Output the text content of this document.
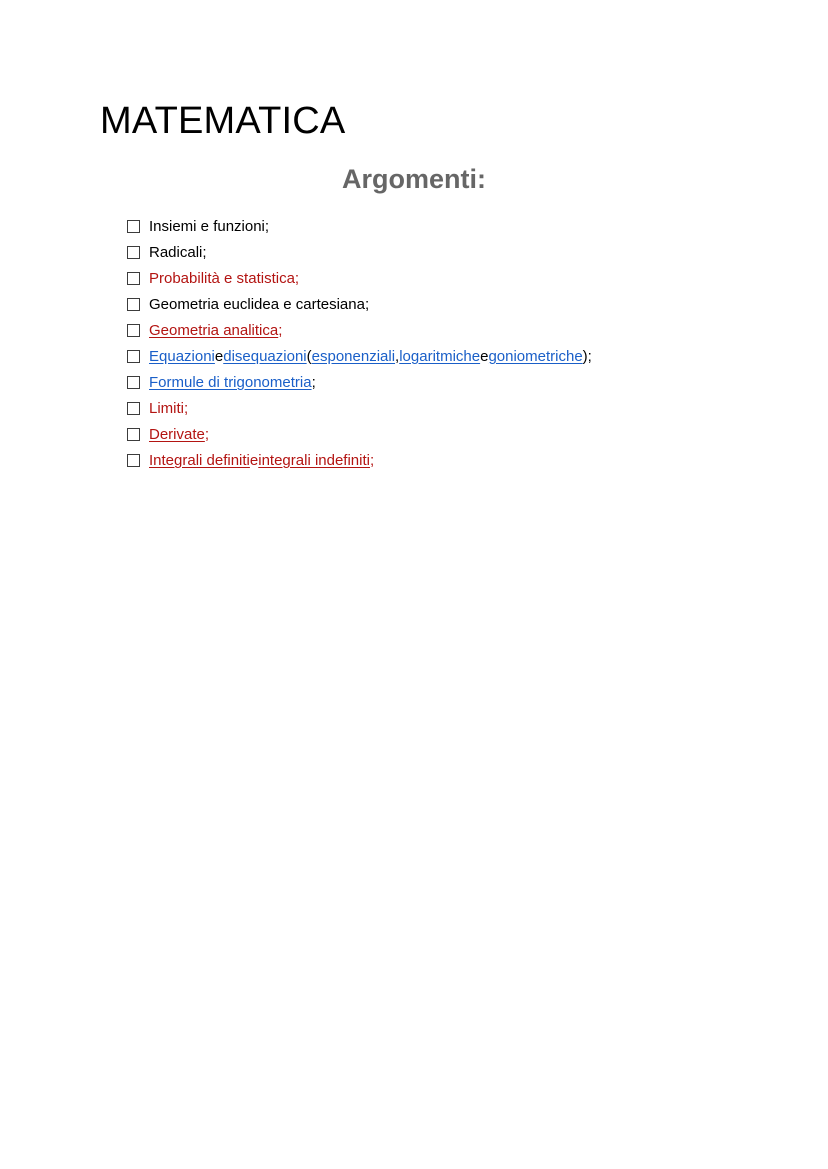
MATEMATICA
Argomenti:
Insiemi e funzioni;
Radicali;
Probabilità e statistica;
Geometria euclidea e cartesiana;
Geometria analitica ;
Equazioni e disequazioni ( esponenziali , logaritmiche e goniometriche );
Formule di trigonometria ;
Limiti;
Derivate ;
Integrali definiti e integrali indefiniti ;
